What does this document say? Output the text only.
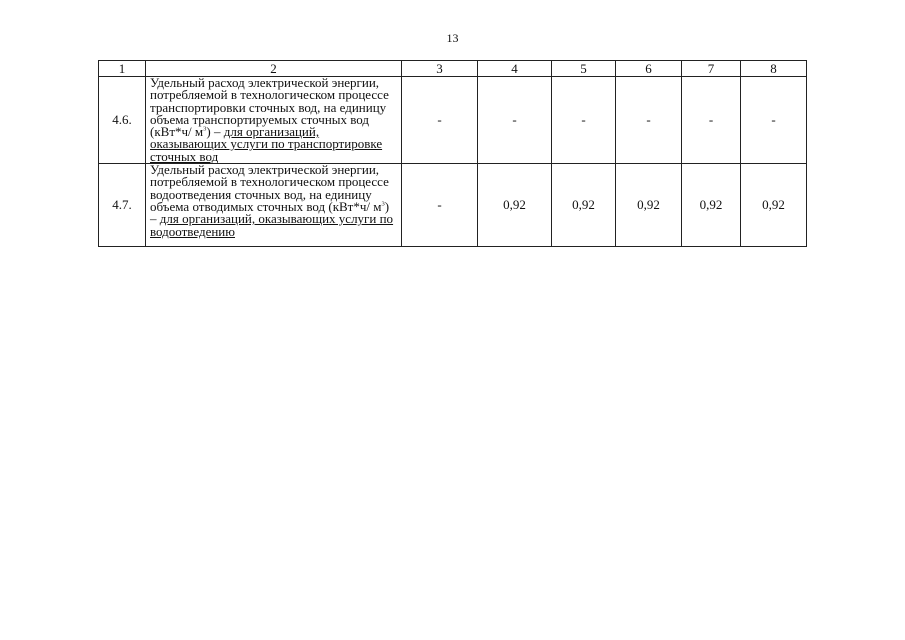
13
1	2	3	4	5	6	7	8
4.6.	Удельный расход электрической энергии, потребляемой в технологическом процессе транспортировки сточных вод, на единицу объема транспортируемых сточных вод (кВт*ч/ $м^3$) – для организаций, оказывающих услуги по транспортировке сточных вод	-	-	-	-	-	-
4.7.	Удельный расход электрической энергии, потребляемой в технологическом процессе водоотведения сточных вод, на единицу объема отводимых сточных вод (кВт*ч/ $м^3$) – для организаций, оказывающих услуги по водоотведению	-	0,92	0,92	0,92	0,92	0,92
